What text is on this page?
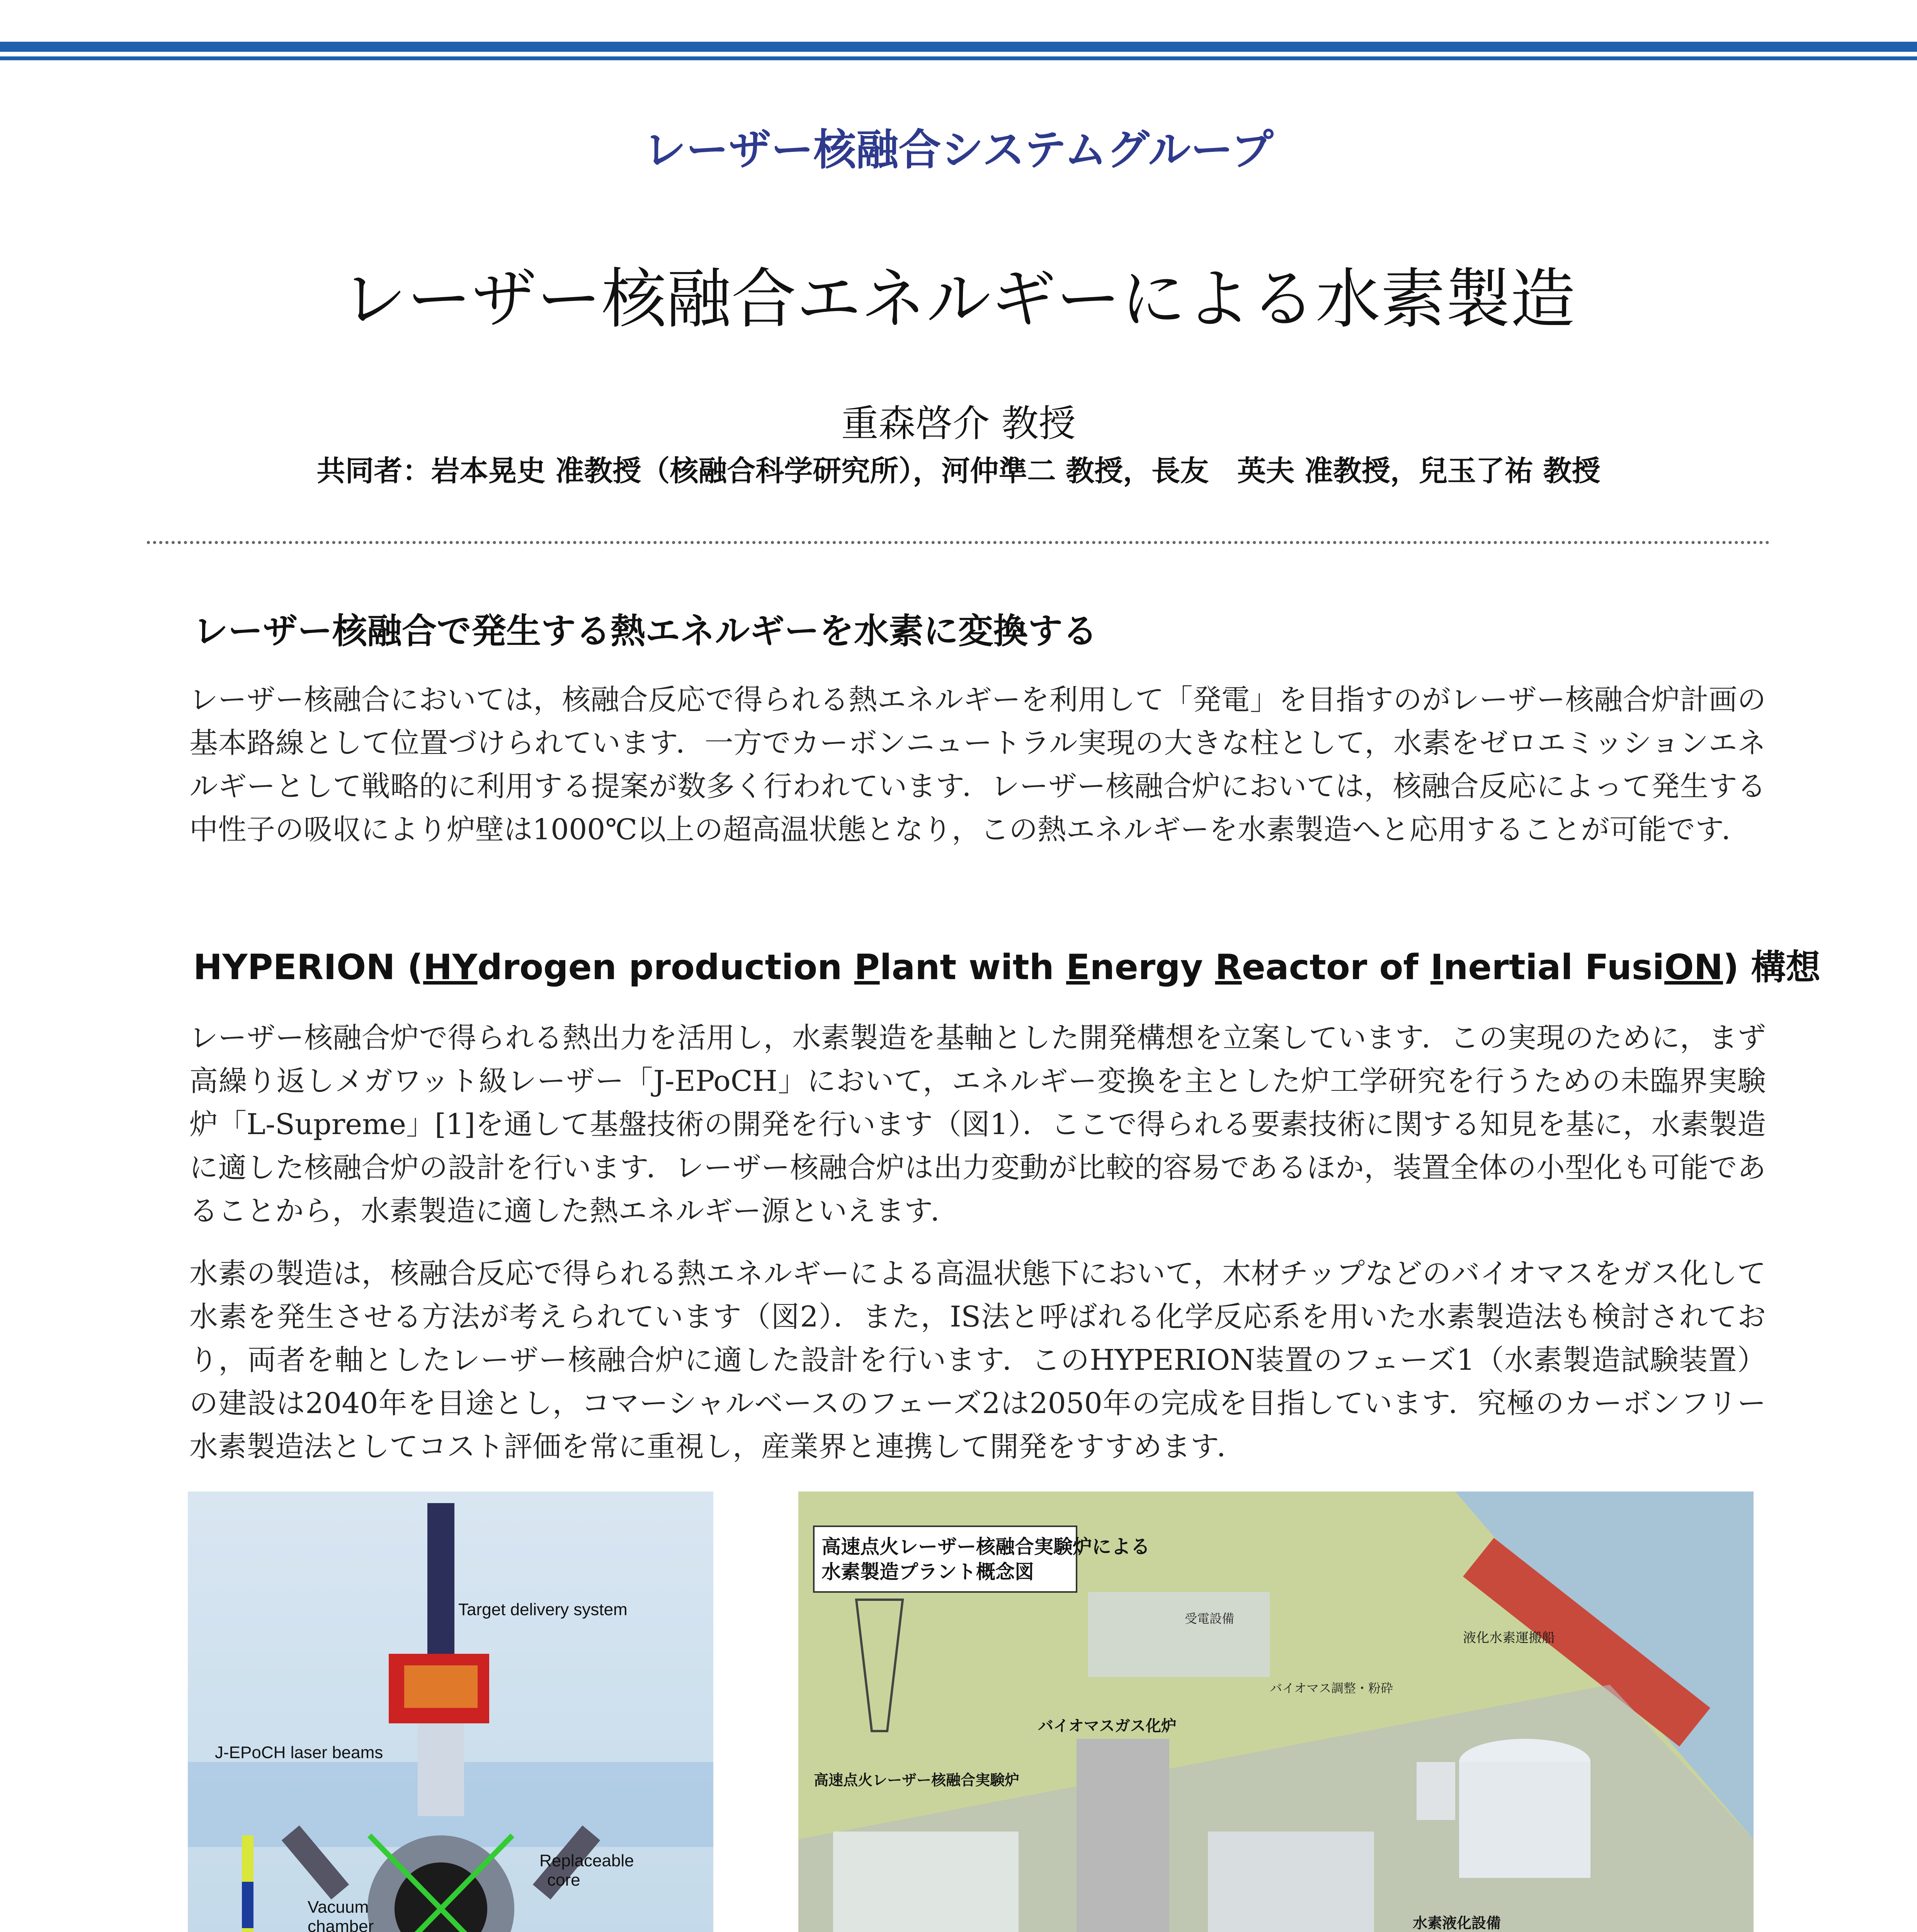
レーザー核融合システムグループ
レーザー核融合エネルギーによる水素製造
重森啓介 教授
共同者：岩本晃史 准教授（核融合科学研究所），河仲準二 教授，長友　英夫 准教授，兒玉了祐 教授
レーザー核融合で発生する熱エネルギーを水素に変換する
レーザー核融合においては，核融合反応で得られる熱エネルギーを利用して「発電」を目指すのがレーザー核融合炉計画の基本路線として位置づけられています．一方でカーボンニュートラル実現の大きな柱として，水素をゼロエミッションエネルギーとして戦略的に利用する提案が数多く行われています．レーザー核融合炉においては，核融合反応によって発生する中性子の吸収により炉壁は1000℃以上の超高温状態となり，この熱エネルギーを水素製造へと応用することが可能です．
HYPERION (HYdrogen production Plant with Energy Reactor of Inertial FusiON) 構想
レーザー核融合炉で得られる熱出力を活用し，水素製造を基軸とした開発構想を立案しています．この実現のために，まず高繰り返しメガワット級レーザー「J-EPoCH」において，エネルギー変換を主とした炉工学研究を行うための未臨界実験炉「L-Supreme」[1]を通して基盤技術の開発を行います（図1）．ここで得られる要素技術に関する知見を基に，水素製造に適した核融合炉の設計を行います．レーザー核融合炉は出力変動が比較的容易であるほか，装置全体の小型化も可能であることから，水素製造に適した熱エネルギー源といえます．
水素の製造は，核融合反応で得られる熱エネルギーによる高温状態下において，木材チップなどのバイオマスをガス化して水素を発生させる方法が考えられています（図2）．また，IS法と呼ばれる化学反応系を用いた水素製造法も検討されており，両者を軸としたレーザー核融合炉に適した設計を行います．このHYPERION装置のフェーズ1（水素製造試験装置）の建設は2040年を目途とし，コマーシャルベースのフェーズ2は2050年の完成を目指しています．究極のカーボンフリー水素製造法としてコスト評価を常に重視し，産業界と連携して開発をすすめます．
Target delivery system
J-EPoCH laser beams
Replaceable
core
Vacuum
chamber
高速点火レーザー核融合実験炉による
水素製造プラント概念図
受電設備
バイオマス調整・粉砕
バイオマスガス化炉
高速点火レーザー核融合実験炉
液化水素運搬船
水素液化設備
